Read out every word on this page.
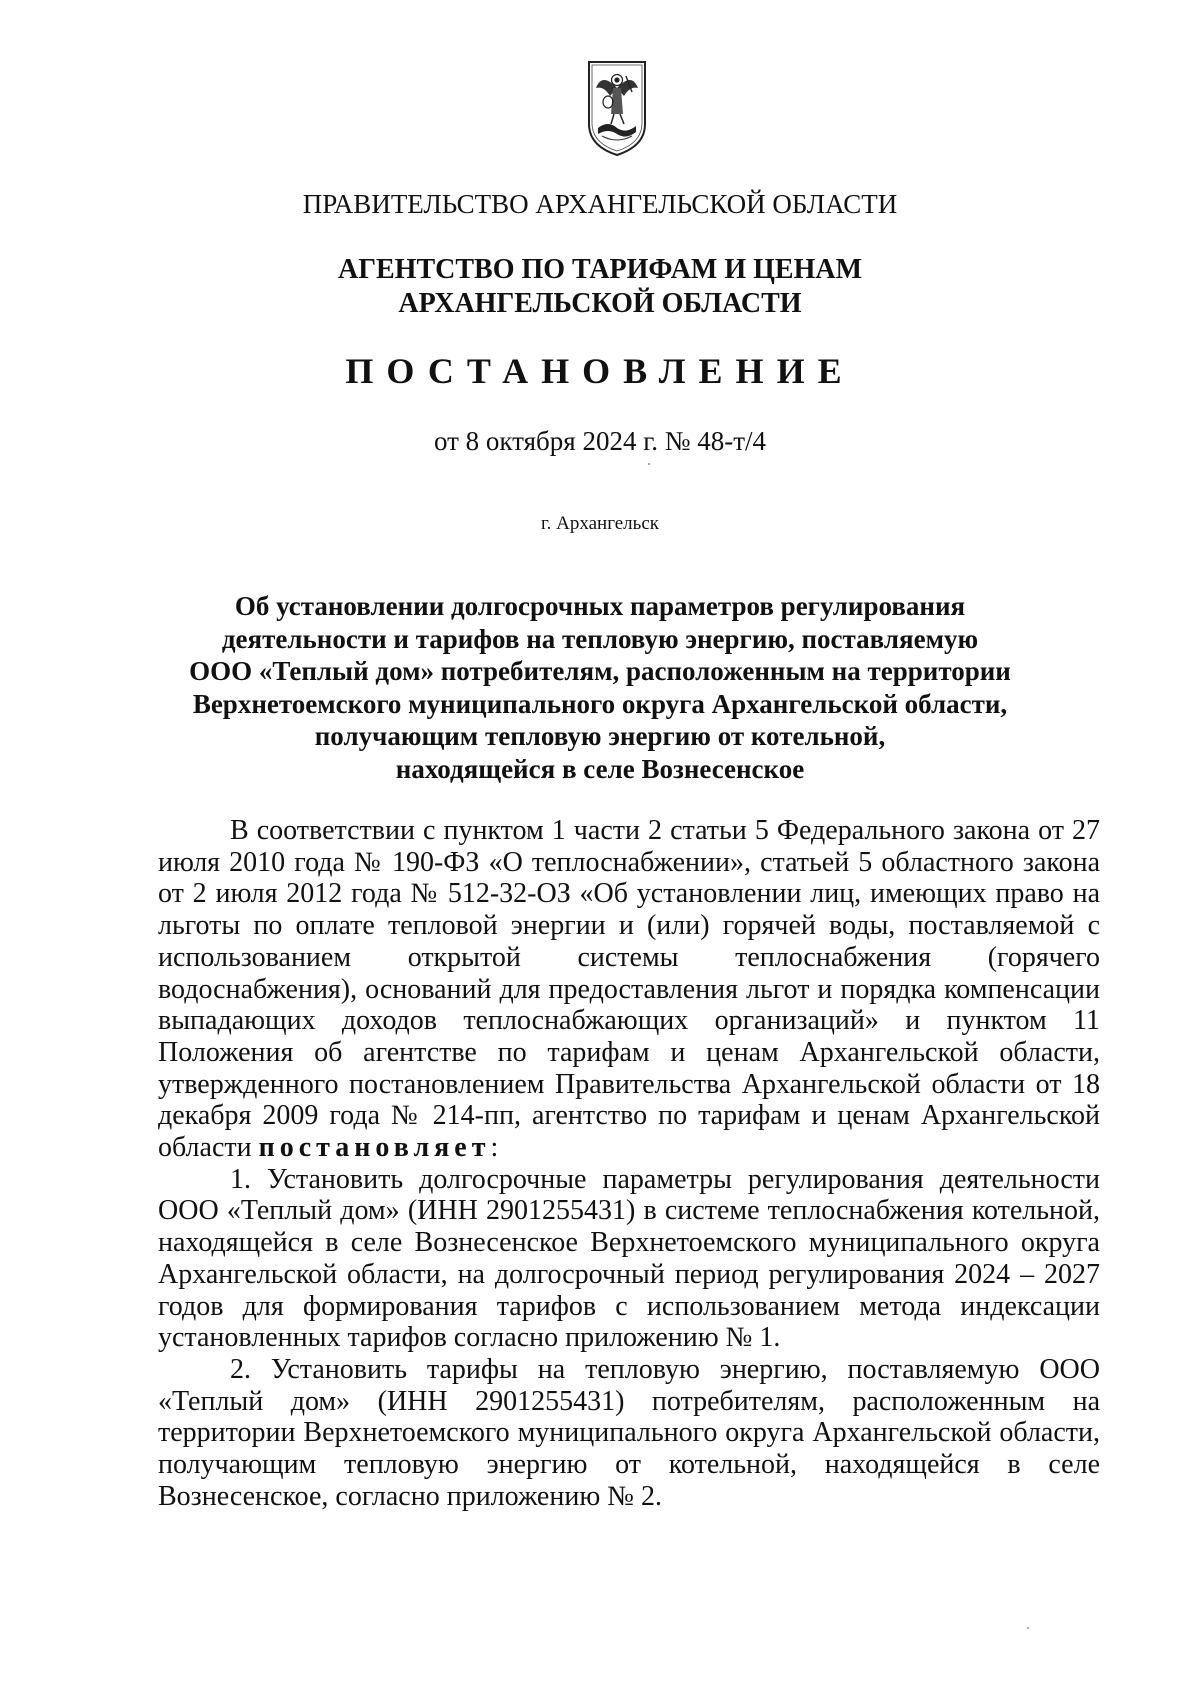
ПРАВИТЕЛЬСТВО АРХАНГЕЛЬСКОЙ ОБЛАСТИ
АГЕНТСТВО ПО ТАРИФАМ И ЦЕНАМ
АРХАНГЕЛЬСКОЙ ОБЛАСТИ
ПОСТАНОВЛЕНИЕ
от 8 октября 2024 г. № 48-т/4
г. Архангельск
Об установлении долгосрочных параметров регулирования
деятельности и тарифов на тепловую энергию, поставляемую
ООО «Теплый дом» потребителям, расположенным на территории
Верхнетоемского муниципального округа Архангельской области,
получающим тепловую энергию от котельной,
находящейся в селе Вознесенское

В соответствии с пунктом 1 части 2 статьи 5 Федерального закона от 27 июля 2010 года № 190-ФЗ «О теплоснабжении», статьей 5 областного закона от 2 июля 2012 года № 512-32-ОЗ «Об установлении лиц, имеющих право на льготы по оплате тепловой энергии и (или) горячей воды, поставляемой с использованием открытой системы теплоснабжения (горячего водоснабжения), оснований для предоставления льгот и порядка компенсации выпадающих доходов теплоснабжающих организаций» и пунктом 11 Положения об агентстве по тарифам и ценам Архангельской области, утвержденного постановлением Правительства Архангельской области от 18 декабря 2009 года № 214-пп, агентство по тарифам и ценам Архангельской области постановляет:

1. Установить долгосрочные параметры регулирования деятельности ООО «Теплый дом» (ИНН 2901255431) в системе теплоснабжения котельной, находящейся в селе Вознесенское Верхнетоемского муниципального округа Архангельской области, на долгосрочный период регулирования 2024 – 2027 годов для формирования тарифов с использованием метода индексации установленных тарифов согласно приложению № 1.

2. Установить тарифы на тепловую энергию, поставляемую ООО «Теплый дом» (ИНН 2901255431) потребителям, расположенным на территории Верхнетоемского муниципального округа Архангельской области, получающим тепловую энергию от котельной, находящейся в селе Вознесенское, согласно приложению № 2.
